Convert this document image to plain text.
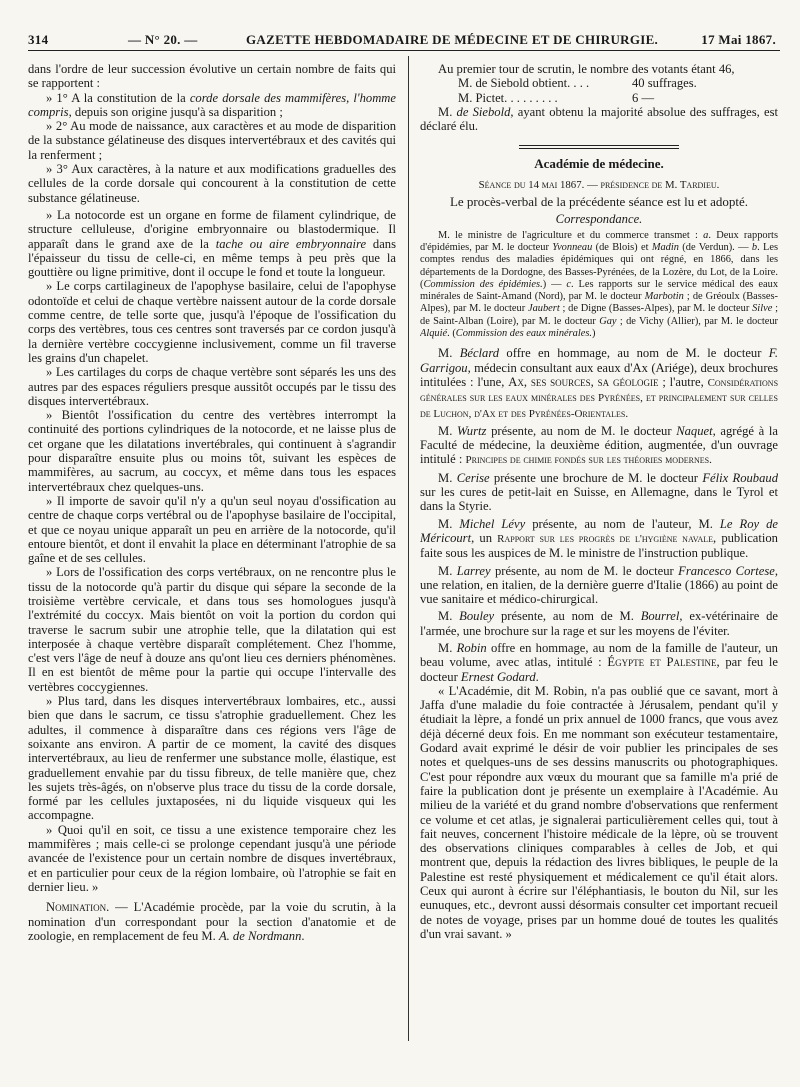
314	— N° 20. —	GAZETTE HEBDOMADAIRE DE MÉDECINE ET DE CHIRURGIE.	17 Mai 1867.

dans l'ordre de leur succession évolutive un certain nombre de faits qui se rapportent :

» 1° A la constitution de la corde dorsale des mammifères, l'homme compris, depuis son origine jusqu'à sa disparition ;

» 2° Au mode de naissance, aux caractères et au mode de disparition de la substance gélatineuse des disques intervertébraux et des cavités qui la renferment ;

» 3° Aux caractères, à la nature et aux modifications graduelles des cellules de la corde dorsale qui concourent à la constitution de cette substance gélatineuse.

» La notocorde est un organe en forme de filament cylindrique, de structure celluleuse, d'origine embryonnaire ou blastodermique. Il apparaît dans le grand axe de la tache ou aire embryonnaire dans l'épaisseur du tissu de celle-ci, en même temps à peu près que la gouttière ou ligne primitive, dont il occupe le fond et toute la longueur.

» Le corps cartilagineux de l'apophyse basilaire, celui de l'apophyse odontoïde et celui de chaque vertèbre naissent autour de la corde dorsale comme centre, de telle sorte que, jusqu'à l'époque de l'ossification du corps des vertèbres, tous ces centres sont traversés par ce cordon jusqu'à la dernière vertèbre coccygienne inclusivement, comme un fil traverse les grains d'un chapelet.

» Les cartilages du corps de chaque vertèbre sont séparés les uns des autres par des espaces réguliers presque aussitôt occupés par le tissu des disques intervertébraux.

» Bientôt l'ossification du centre des vertèbres interrompt la continuité des portions cylindriques de la notocorde, et ne laisse plus de cet organe que les dilatations invertébrales, qui continuent à s'agrandir pour disparaître ensuite plus ou moins tôt, suivant les espèces de mammifères, au sacrum, au coccyx, et même dans tous les espaces intervertébraux chez quelques-uns.

» Il importe de savoir qu'il n'y a qu'un seul noyau d'ossification au centre de chaque corps vertébral ou de l'apophyse basilaire de l'occipital, et que ce noyau unique apparaît un peu en arrière de la notocorde, qu'il entoure bientôt, et dont il envahit la place en déterminant l'atrophie de sa gaîne et de ses cellules.

» Lors de l'ossification des corps vertébraux, on ne rencontre plus le tissu de la notocorde qu'à partir du disque qui sépare la seconde de la troisième vertèbre cervicale, et dans tous ses homologues jusqu'à l'extrémité du coccyx. Mais bientôt on voit la portion du cordon qui traverse le sacrum subir une atrophie telle, que la dilatation qui est interposée à chaque vertèbre disparaît complétement. Chez l'homme, c'est vers l'âge de neuf à douze ans qu'ont lieu ces derniers phénomènes. Il en est bientôt de même pour la partie qui occupe l'intervalle des vertèbres coccygiennes.

» Plus tard, dans les disques intervertébraux lombaires, etc., aussi bien que dans le sacrum, ce tissu s'atrophie graduellement. Chez les adultes, il commence à disparaître dans ces régions vers l'âge de soixante ans environ. A partir de ce moment, la cavité des disques intervertébraux, au lieu de renfermer une substance molle, élastique, est graduellement envahie par du tissu fibreux, de telle manière que, chez les sujets très-âgés, on n'observe plus trace du tissu de la corde dorsale, formé par les cellules juxtaposées, ni du liquide visqueux qui les accompagne.

» Quoi qu'il en soit, ce tissu a une existence temporaire chez les mammifères ; mais celle-ci se prolonge cependant jusqu'à une période avancée de l'existence pour un certain nombre de disques invertébraux, et en particulier pour ceux de la région lombaire, où l'atrophie se fait en dernier lieu. »

Nomination. — L'Académie procède, par la voie du scrutin, à la nomination d'un correspondant pour la section d'anatomie et de zoologie, en remplacement de feu M. A. de Nordmann.

Au premier tour de scrutin, le nombre des votants étant 46,

M. de Siebold obtient. . . .	40 suffrages.
M. Pictet. . . . . . . . .	6 —

M. de Siebold, ayant obtenu la majorité absolue des suffrages, est déclaré élu.

Académie de médecine.

Séance du 14 mai 1867. — présidence de M. Tardieu.

Le procès-verbal de la précédente séance est lu et adopté.

Correspondance.

M. le ministre de l'agriculture et du commerce transmet : a. Deux rapports d'épidémies, par M. le docteur Yvonneau (de Blois) et Madin (de Verdun). — b. Les comptes rendus des maladies épidémiques qui ont régné, en 1866, dans les départements de la Dordogne, des Basses-Pyrénées, de la Lozère, du Lot, de la Loire. (Commission des épidémies.) — c. Les rapports sur le service médical des eaux minérales de Saint-Amand (Nord), par M. le docteur Marbotin ; de Gréoulx (Basses-Alpes), par M. le docteur Jaubert ; de Digne (Basses-Alpes), par M. le docteur Silve ; de Saint-Alban (Loire), par M. le docteur Gay ; de Vichy (Allier), par M. le docteur Alquié. (Commission des eaux minérales.)

M. Béclard offre en hommage, au nom de M. le docteur F. Garrigou, médecin consultant aux eaux d'Ax (Ariége), deux brochures intitulées : l'une, Ax, ses sources, sa géologie ; l'autre, Considérations générales sur les eaux minérales des Pyrénées, et principalement sur celles de Luchon, d'Ax et des Pyrénées-Orientales.

M. Wurtz présente, au nom de M. le docteur Naquet, agrégé à la Faculté de médecine, la deuxième édition, augmentée, d'un ouvrage intitulé : Principes de chimie fondés sur les théories modernes.

M. Cerise présente une brochure de M. le docteur Félix Roubaud sur les cures de petit-lait en Suisse, en Allemagne, dans le Tyrol et dans la Styrie.

M. Michel Lévy présente, au nom de l'auteur, M. Le Roy de Méricourt, un Rapport sur les progrès de l'hygiène navale, publication faite sous les auspices de M. le ministre de l'instruction publique.

M. Larrey présente, au nom de M. le docteur Francesco Cortese, une relation, en italien, de la dernière guerre d'Italie (1866) au point de vue sanitaire et médico-chirurgical.

M. Bouley présente, au nom de M. Bourrel, ex-vétérinaire de l'armée, une brochure sur la rage et sur les moyens de l'éviter.

M. Robin offre en hommage, au nom de la famille de l'auteur, un beau volume, avec atlas, intitulé : Égypte et Palestine, par feu le docteur Ernest Godard.

« L'Académie, dit M. Robin, n'a pas oublié que ce savant, mort à Jaffa d'une maladie du foie contractée à Jérusalem, pendant qu'il y étudiait la lèpre, a fondé un prix annuel de 1000 francs, que vous avez déjà décerné deux fois. En me nommant son exécuteur testamentaire, Godard avait exprimé le désir de voir publier les principales de ses notes et quelques-uns de ses dessins manuscrits ou photographiques. C'est pour répondre aux vœux du mourant que sa famille m'a prié de faire la publication dont je présente un exemplaire à l'Académie. Au milieu de la variété et du grand nombre d'observations que renferment ce volume et cet atlas, je signalerai particulièrement celles qui, tout à fait neuves, concernent l'histoire médicale de la lèpre, où se trouvent des observations cliniques comparables à celles de Job, et qui montrent que, depuis la rédaction des livres bibliques, le peuple de la Palestine est resté physiquement et médicalement ce qu'il était alors. Ceux qui auront à écrire sur l'éléphantiasis, le bouton du Nil, sur les eunuques, etc., devront aussi désormais consulter cet important recueil de notes de voyage, prises par un homme doué de toutes les qualités d'un vrai savant. »
